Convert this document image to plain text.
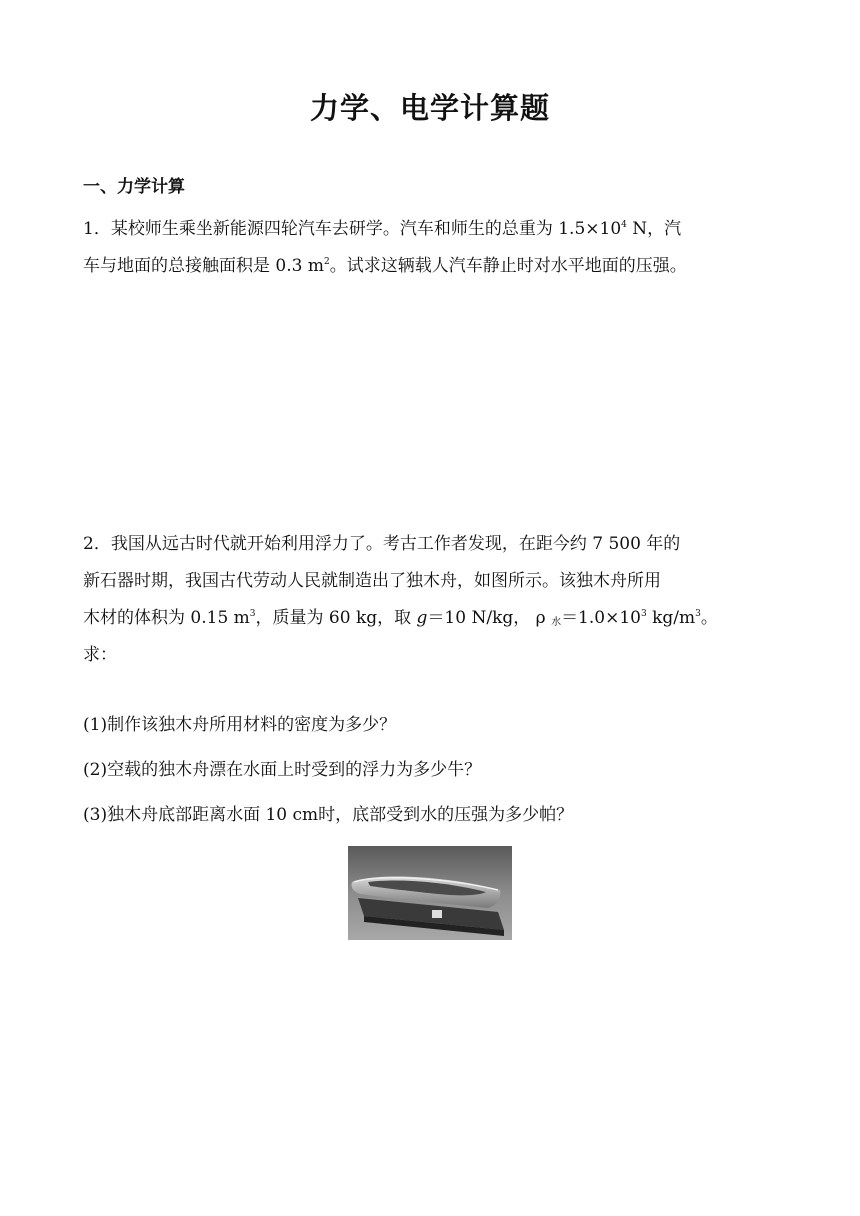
力学、电学计算题
一、力学计算

1．某校师生乘坐新能源四轮汽车去研学。汽车和师生的总重为 $1.5\times 10^4$ N，汽

车与地面的总接触面积是 0.3 $m^2$。试求这辆载人汽车静止时对水平地面的压强。

2．我国从远古时代就开始利用浮力了。考古工作者发现，在距今约 7 500 年的

新石器时期，我国古代劳动人民就制造出了独木舟，如图所示。该独木舟所用

木材的体积为 0.15 $m^3$，质量为 60 kg，取 g＝10 N/kg， ρ $_水=1.0\times 10^3$ $kg/m^3$。

求：

(1)制作该独木舟所用材料的密度为多少？
(2)空载的独木舟漂在水面上时受到的浮力为多少牛？
(3)独木舟底部距离水面 10 cm时，底部受到水的压强为多少帕？
